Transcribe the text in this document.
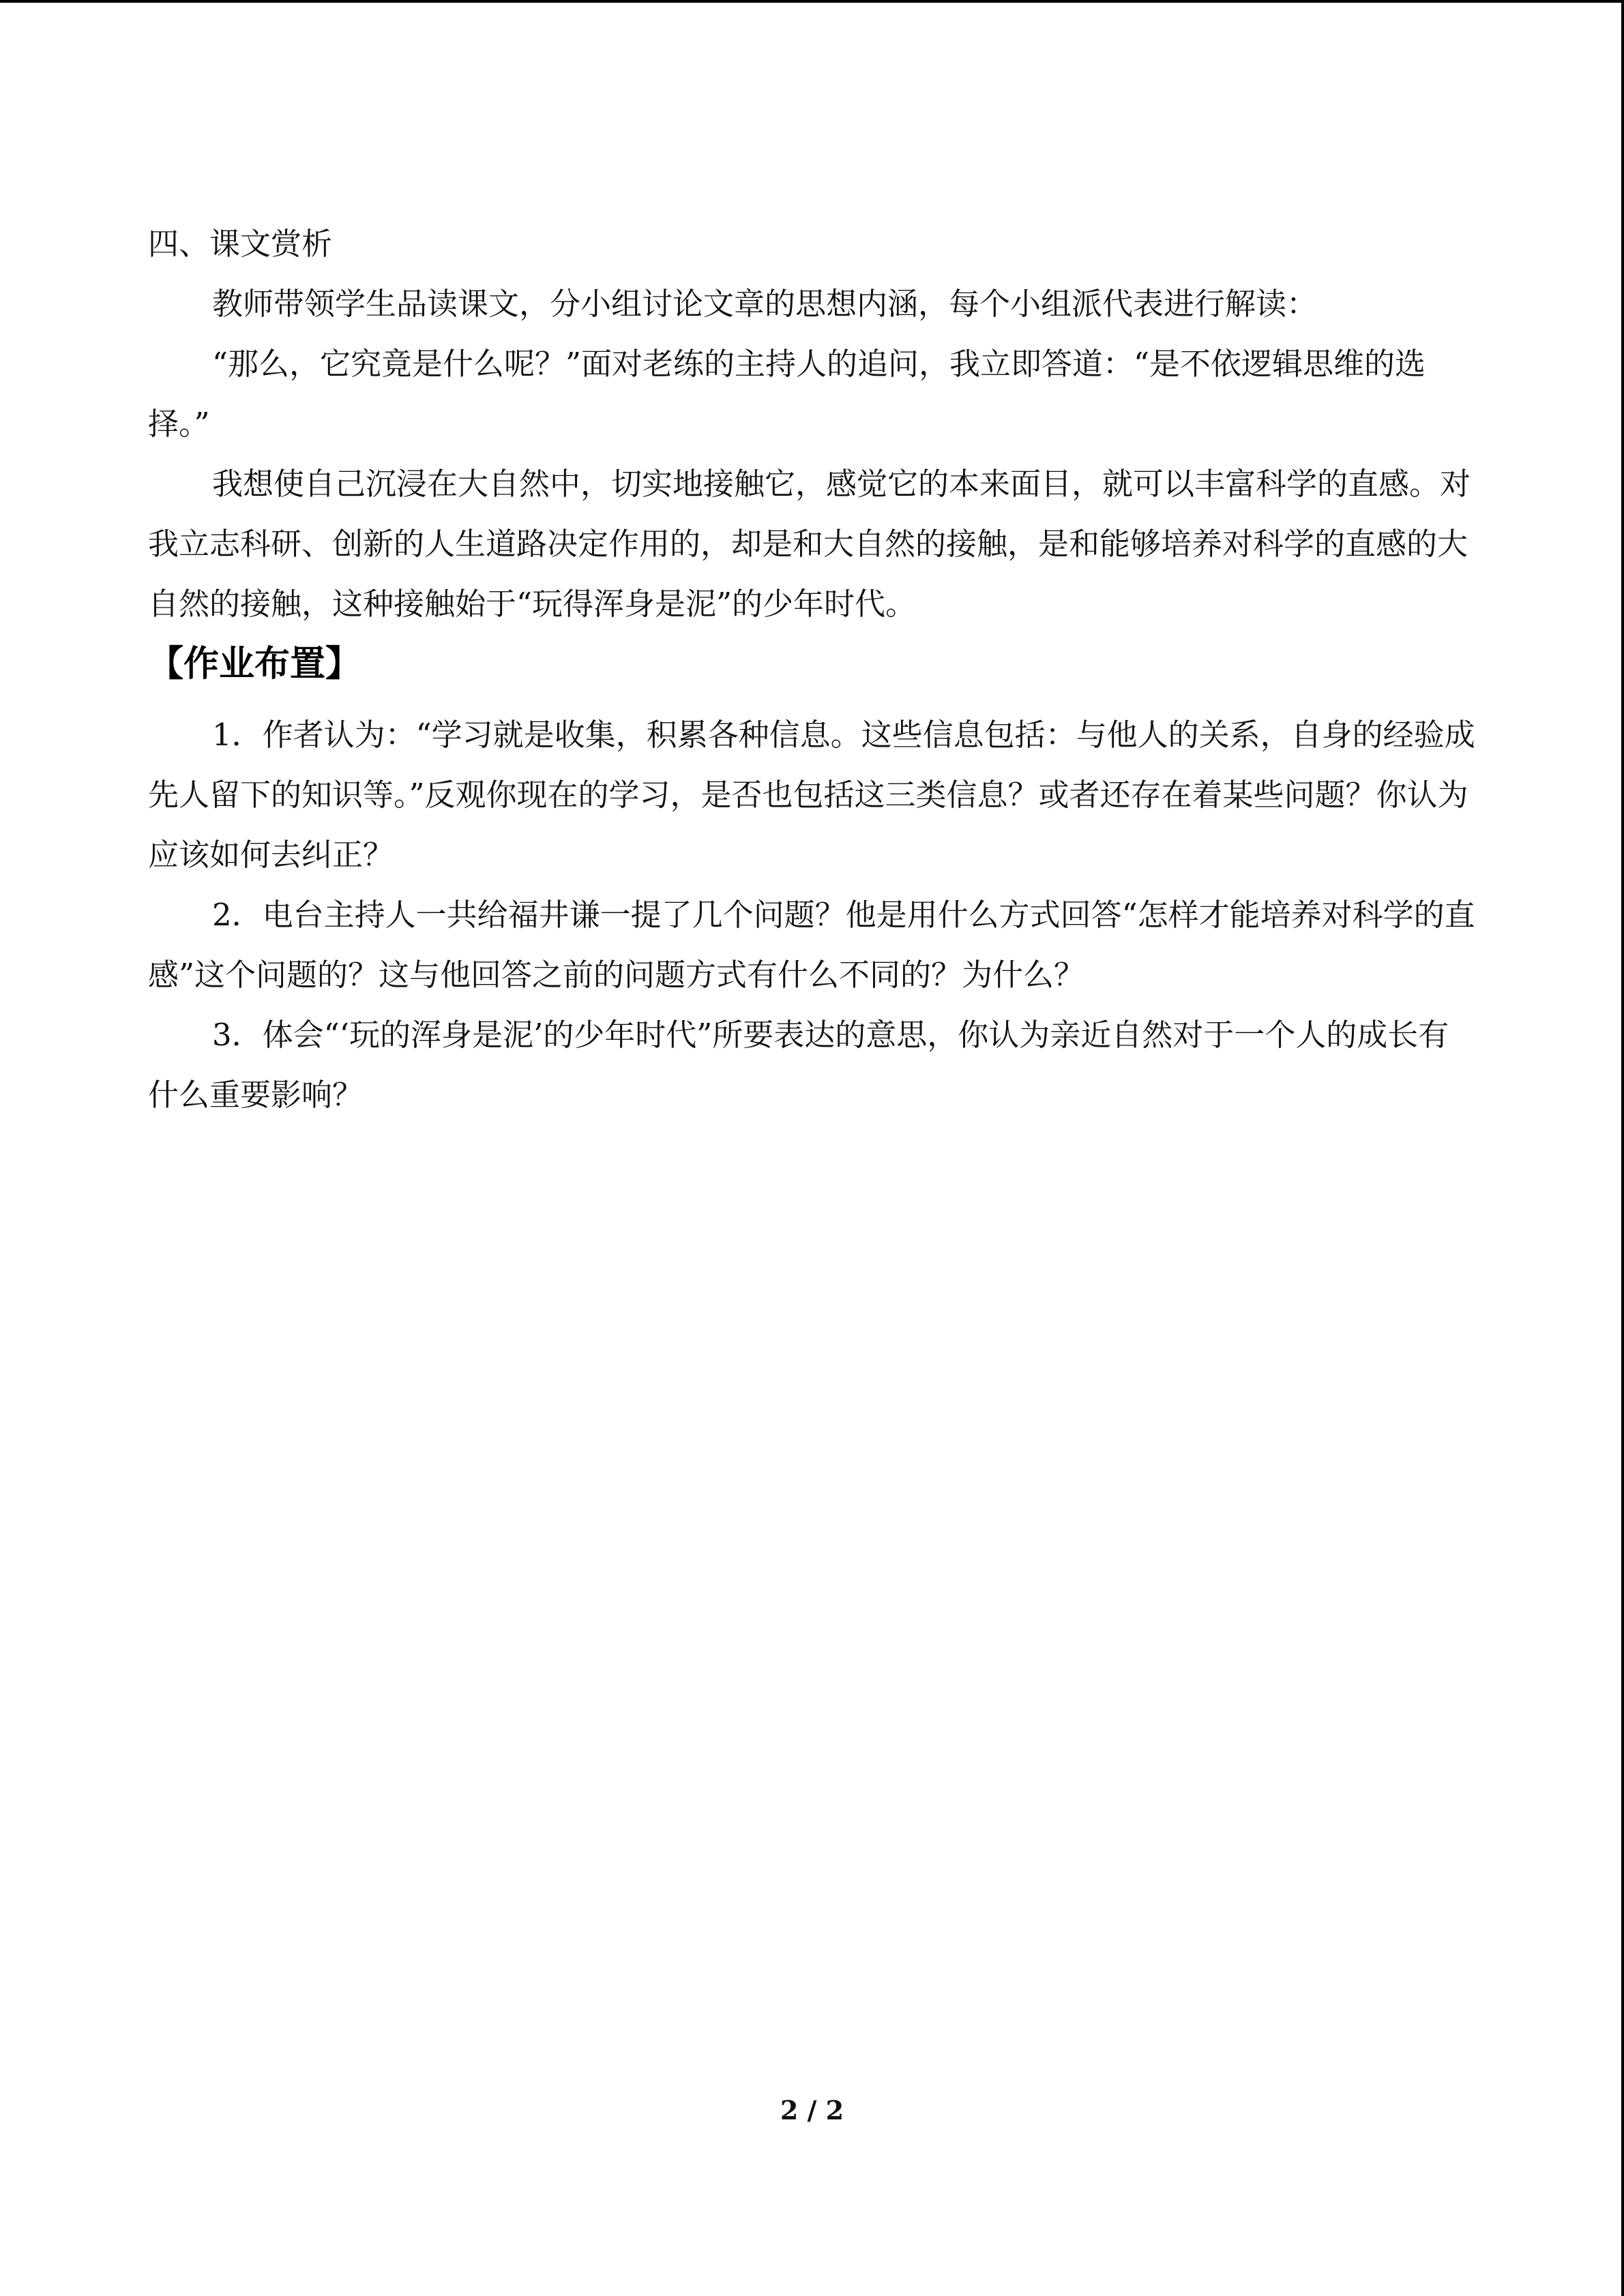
四、课文赏析

教师带领学生品读课文，分小组讨论文章的思想内涵，每个小组派代表进行解读：

“那么，它究竟是什么呢？”面对老练的主持人的追问，我立即答道：“是不依逻辑思维的选择。”

我想使自己沉浸在大自然中，切实地接触它，感觉它的本来面目，就可以丰富科学的直感。对我立志科研、创新的人生道路决定作用的，却是和大自然的接触，是和能够培养对科学的直感的大自然的接触，这种接触始于“玩得浑身是泥”的少年时代。

【作业布置】

1．作者认为：“学习就是收集，积累各种信息。这些信息包括：与他人的关系，自身的经验成先人留下的知识等。”反观你现在的学习，是否也包括这三类信息？或者还存在着某些问题？你认为应该如何去纠正？

2．电台主持人一共给福井谦一提了几个问题？他是用什么方式回答“怎样才能培养对科学的直感”这个问题的？这与他回答之前的问题方式有什么不同的？为什么？

3．体会“‘玩的浑身是泥’的少年时代”所要表达的意思，你认为亲近自然对于一个人的成长有什么重要影响？

2 / 2
